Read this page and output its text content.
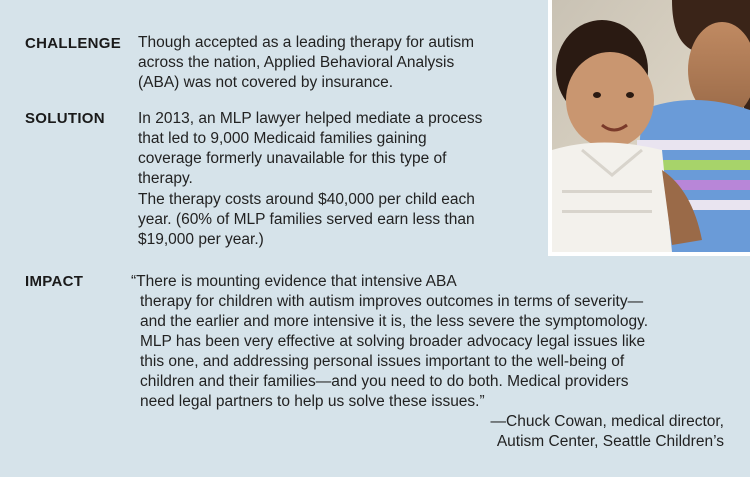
CHALLENGE Though accepted as a leading therapy for autism

across the nation, Applied Behavioral Analysis

(ABA) was not covered by insurance.

SOLUTION In 2013, an MLP lawyer helped mediate a process

that led to 9,000 Medicaid families gaining

coverage formerly unavailable for this type of

therapy.

The therapy costs around $40,000 per child each

year. (60% of MLP families served earn less than

$19,000 per year.)

IMPACT	“There is mounting evidence that intensive ABA

therapy for children with autism improves outcomes in terms of severity—

and the earlier and more intensive it is, the less severe the symptomology.

MLP has been very effective at solving broader advocacy legal issues like

this one, and addressing personal issues important to the well-being of

children and their families—and you need to do both. Medical providers

need legal partners to help us solve these issues.”

—Chuck Cowan, medical director,
Autism Center, Seattle Children’s
